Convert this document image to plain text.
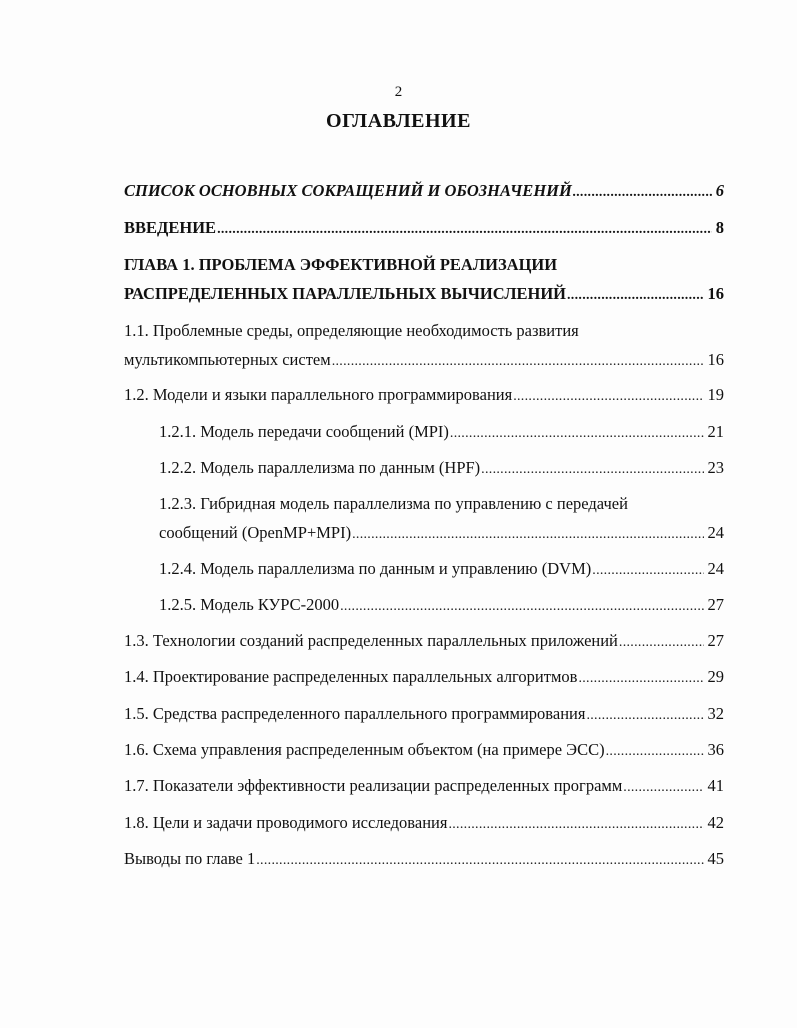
2
ОГЛАВЛЕНИЕ
СПИСОК ОСНОВНЫХ СОКРАЩЕНИЙ И ОБОЗНАЧЕНИЙ . . .	6
ВВЕДЕНИЕ . . .	8
ГЛАВА 1. ПРОБЛЕМА ЭФФЕКТИВНОЙ РЕАЛИЗАЦИИ
РАСПРЕДЕЛЕННЫХ ПАРАЛЛЕЛЬНЫХ ВЫЧИСЛЕНИЙ . . .	16
1.1. Проблемные среды, определяющие необходимость развития
мультикомпьютерных систем . . .	16
1.2. Модели и языки параллельного программирования . . .	19
1.2.1. Модель передачи сообщений (MPI) . . .	21
1.2.2. Модель параллелизма по данным (HPF) . . .	23
1.2.3. Гибридная модель параллелизма по управлению с передачей
сообщений (OpenMP+MPI) . . .	24
1.2.4. Модель параллелизма по данным и управлению (DVM) . . .	24
1.2.5. Модель КУРС-2000 . . .	27
1.3. Технологии созданий распределенных параллельных приложений . . .	27
1.4. Проектирование распределенных параллельных алгоритмов . . .	29
1.5. Средства распределенного параллельного программирования . . .	32
1.6. Схема управления распределенным объектом (на примере ЭСС) . . .	36
1.7. Показатели эффективности реализации распределенных программ . . .	41
1.8. Цели и задачи проводимого исследования . . .	42
Выводы по главе 1 . . .	45
